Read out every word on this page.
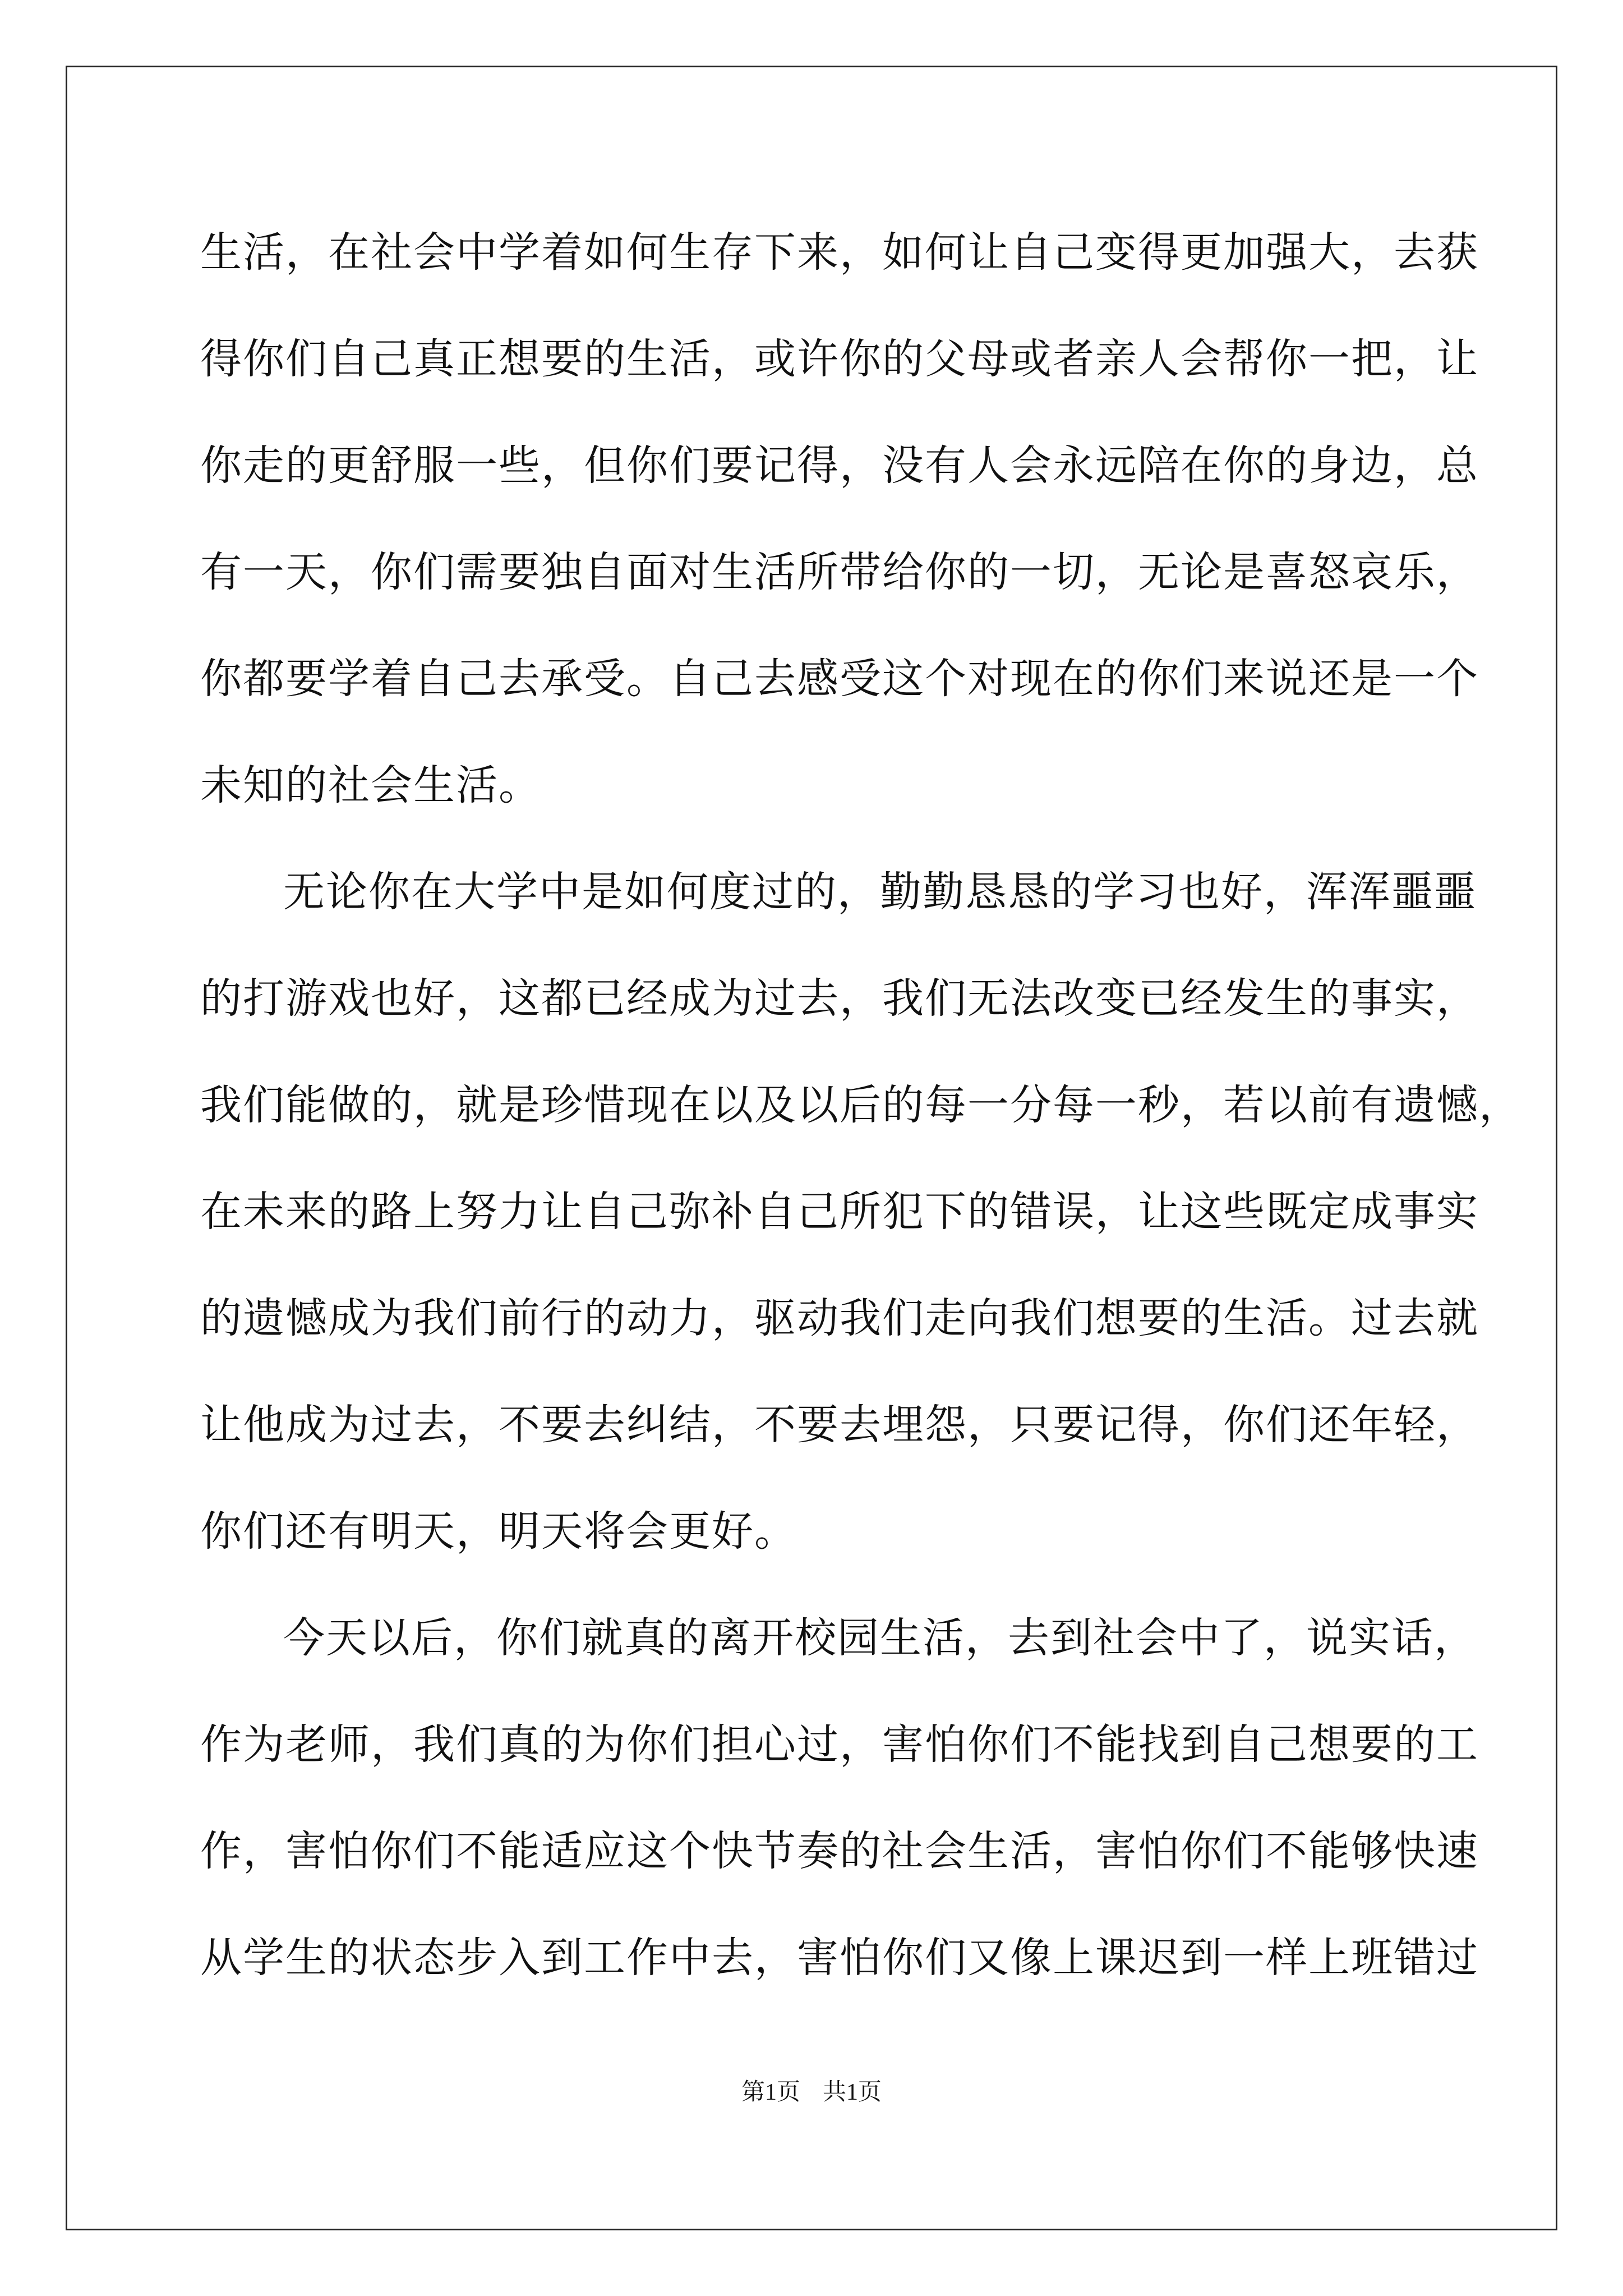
生活，在社会中学着如何生存下来，如何让自己变得更加强大，去获
得你们自己真正想要的生活，或许你的父母或者亲人会帮你一把，让
你走的更舒服一些，但你们要记得，没有人会永远陪在你的身边，总
有一天，你们需要独自面对生活所带给你的一切，无论是喜怒哀乐，
你都要学着自己去承受。自己去感受这个对现在的你们来说还是一个
未知的社会生活。
无论你在大学中是如何度过的，勤勤恳恳的学习也好，浑浑噩噩
的打游戏也好，这都已经成为过去，我们无法改变已经发生的事实，
我们能做的，就是珍惜现在以及以后的每一分每一秒，若以前有遗憾，
在未来的路上努力让自己弥补自己所犯下的错误，让这些既定成事实
的遗憾成为我们前行的动力，驱动我们走向我们想要的生活。过去就
让他成为过去，不要去纠结，不要去埋怨，只要记得，你们还年轻，
你们还有明天，明天将会更好。
今天以后，你们就真的离开校园生活，去到社会中了，说实话，
作为老师，我们真的为你们担心过，害怕你们不能找到自己想要的工
作，害怕你们不能适应这个快节奏的社会生活，害怕你们不能够快速
从学生的状态步入到工作中去，害怕你们又像上课迟到一样上班错过
第1页 共1页
